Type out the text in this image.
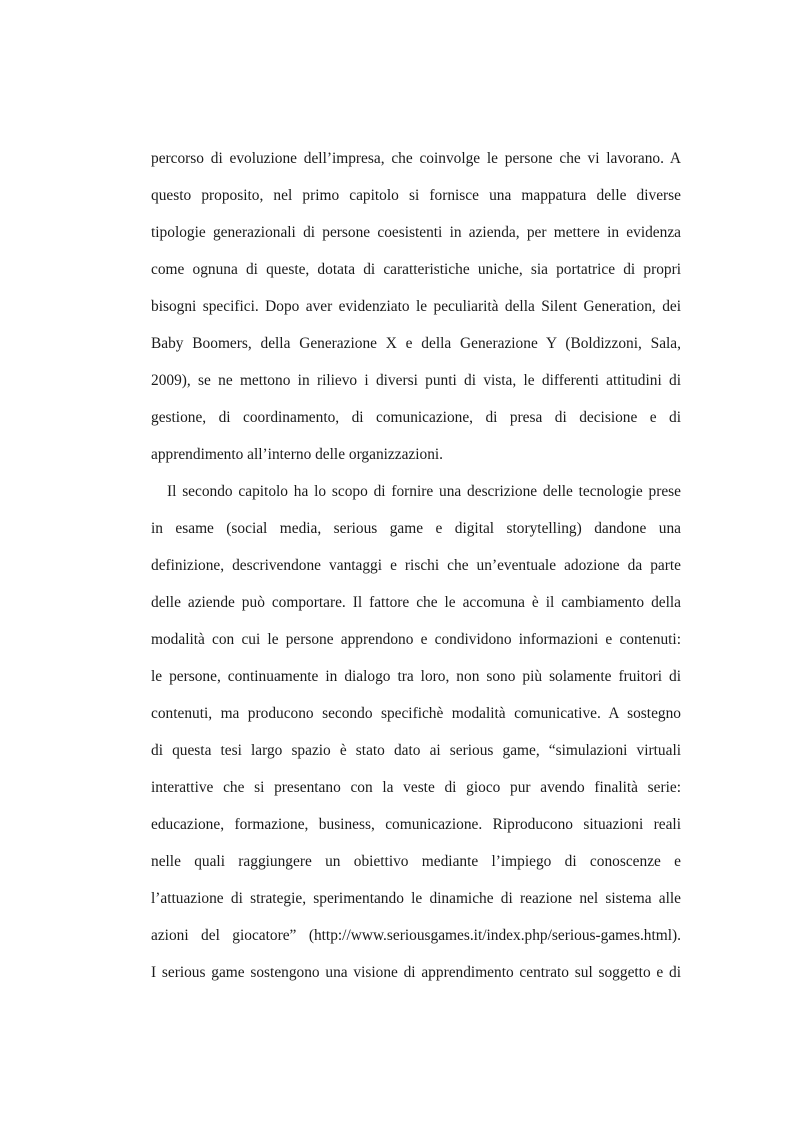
percorso di evoluzione dell’impresa, che coinvolge le persone che vi lavorano. A
questo proposito, nel primo capitolo si fornisce una mappatura delle diverse
tipologie generazionali di persone coesistenti in azienda, per mettere in evidenza
come ognuna di queste, dotata di caratteristiche uniche, sia portatrice di propri
bisogni specifici. Dopo aver evidenziato le peculiarità della Silent Generation, dei
Baby Boomers, della Generazione X e della Generazione Y (Boldizzoni, Sala,
2009), se ne mettono in rilievo i diversi punti di vista, le differenti attitudini di
gestione, di coordinamento, di comunicazione, di presa di decisione e di
apprendimento all’interno delle organizzazioni.
Il secondo capitolo ha lo scopo di fornire una descrizione delle tecnologie prese
in esame (social media, serious game e digital storytelling) dandone una
definizione, descrivendone vantaggi e rischi che un’eventuale adozione da parte
delle aziende può comportare. Il fattore che le accomuna è il cambiamento della
modalità con cui le persone apprendono e condividono informazioni e contenuti:
le persone, continuamente in dialogo tra loro, non sono più solamente fruitori di
contenuti, ma producono secondo specifichè modalità comunicative. A sostegno
di questa tesi largo spazio è stato dato ai serious game, “simulazioni virtuali
interattive che si presentano con la veste di gioco pur avendo finalità serie:
educazione, formazione, business, comunicazione. Riproducono situazioni reali
nelle quali raggiungere un obiettivo mediante l’impiego di conoscenze e
l’attuazione di strategie, sperimentando le dinamiche di reazione nel sistema alle
azioni del giocatore” (http://www.seriousgames.it/index.php/serious-games.html).
I serious game sostengono una visione di apprendimento centrato sul soggetto e di
